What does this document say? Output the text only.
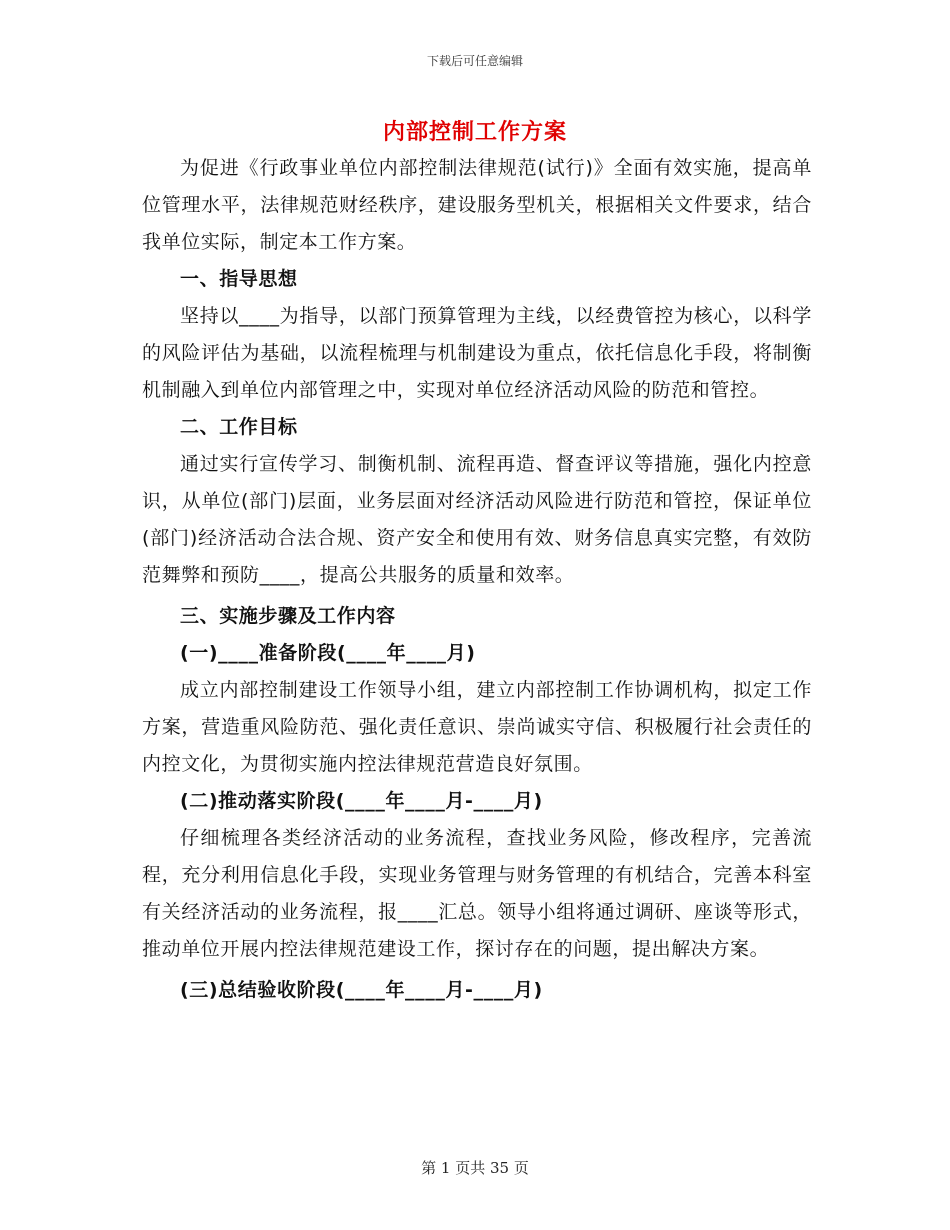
下载后可任意编辑
内部控制工作方案

为促进《行政事业单位内部控制法律规范(试行)》全面有效实施，提高单位管理水平，法律规范财经秩序，建设服务型机关，根据相关文件要求，结合我单位实际，制定本工作方案。

一、指导思想

坚持以____为指导，以部门预算管理为主线，以经费管控为核心，以科学的风险评估为基础，以流程梳理与机制建设为重点，依托信息化手段，将制衡机制融入到单位内部管理之中，实现对单位经济活动风险的防范和管控。

二、工作目标

通过实行宣传学习、制衡机制、流程再造、督查评议等措施，强化内控意识，从单位(部门)层面，业务层面对经济活动风险进行防范和管控，保证单位(部门)经济活动合法合规、资产安全和使用有效、财务信息真实完整，有效防范舞弊和预防____，提高公共服务的质量和效率。

三、实施步骤及工作内容

(一)____准备阶段(____年____月)

成立内部控制建设工作领导小组，建立内部控制工作协调机构，拟定工作方案，营造重风险防范、强化责任意识、崇尚诚实守信、积极履行社会责任的内控文化，为贯彻实施内控法律规范营造良好氛围。

(二)推动落实阶段(____年____月-____月)

仔细梳理各类经济活动的业务流程，查找业务风险，修改程序，完善流程，充分利用信息化手段，实现业务管理与财务管理的有机结合，完善本科室有关经济活动的业务流程，报____汇总。领导小组将通过调研、座谈等形式，推动单位开展内控法律规范建设工作，探讨存在的问题，提出解决方案。

(三)总结验收阶段(____年____月-____月)

第 1 页共 35 页
